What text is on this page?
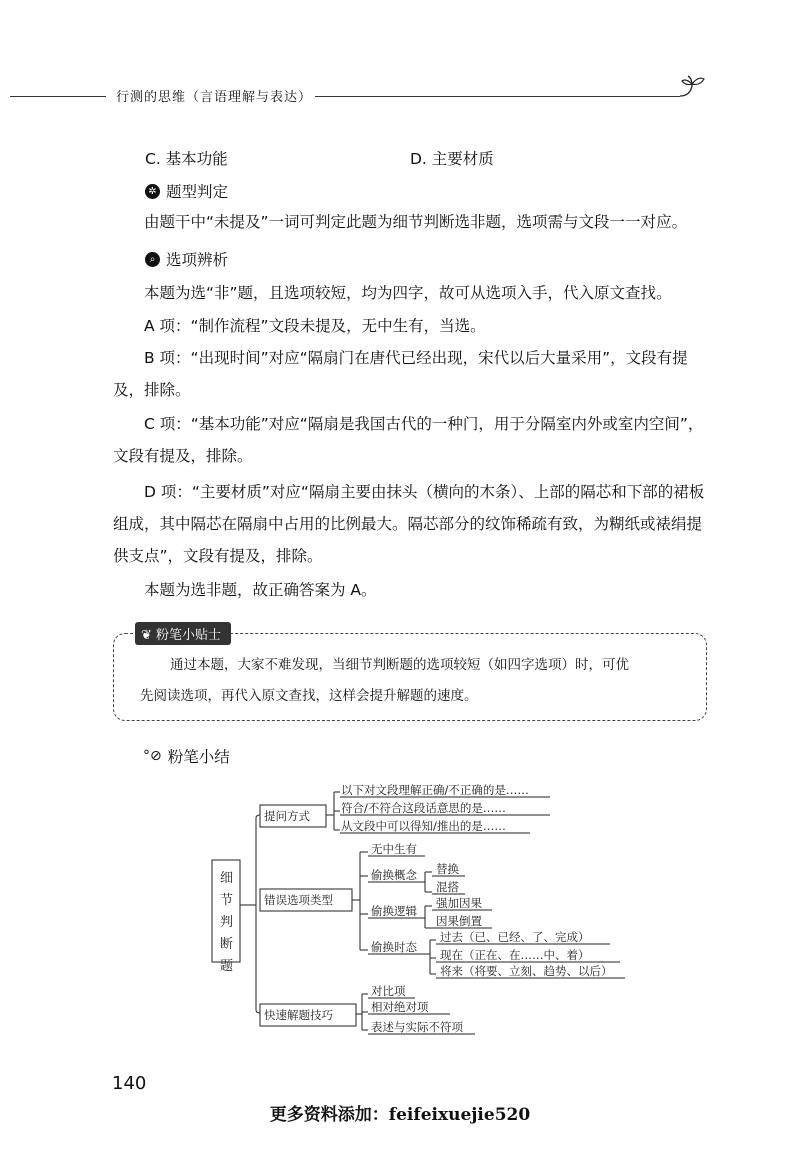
行测的思维（言语理解与表达）
C. 基本功能	D. 主要材质
✲ 题型判定
由题干中“未提及”一词可判定此题为细节判断选非题，选项需与文段一一对应。
⌕ 选项辨析
本题为选“非”题，且选项较短，均为四字，故可从选项入手，代入原文查找。
A 项：“制作流程”文段未提及，无中生有，当选。
B 项：“出现时间”对应“隔扇门在唐代已经出现，宋代以后大量采用”，文段有提及，排除。
C 项：“基本功能”对应“隔扇是我国古代的一种门，用于分隔室内外或室内空间”，文段有提及，排除。
D 项：“主要材质”对应“隔扇主要由抹头（横向的木条）、上部的隔芯和下部的裙板组成，其中隔芯在隔扇中占用的比例最大。隔芯部分的纹饰稀疏有致，为糊纸或裱绢提供支点”，文段有提及，排除。
本题为选非题，故正确答案为 A。
❦ 粉笔小贴士
通过本题，大家不难发现，当细节判断题的选项较短（如四字选项）时，可优
先阅读选项，再代入原文查找，这样会提升解题的速度。
°⊘ 粉笔小结
细
节
判
断
题
提问方式
以下对文段理解正确/不正确的是……
符合/不符合这段话意思的是……
从文段中可以得知/推出的是……
错误选项类型
无中生有
偷换概念 替换
混搭
偷换逻辑
强加因果
因果倒置
偷换时态
过去（已、已经、了、完成）
现在（正在、在……中、着）
将来（将要、立刻、趋势、以后）
快速解题技巧
对比项
相对绝对项
表述与实际不符项
140
更多资料添加：feifeixuejie520
